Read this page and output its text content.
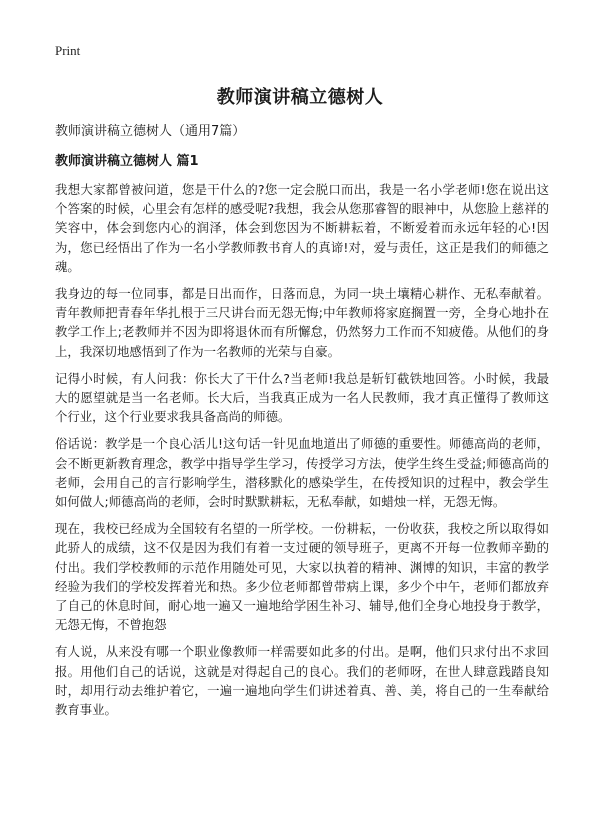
Print
教师演讲稿立德树人
教师演讲稿立德树人（通用7篇）
教师演讲稿立德树人 篇1

我想大家都曾被问道，您是干什么的?您一定会脱口而出，我是一名小学老师!您在说出这个答案的时候，心里会有怎样的感受呢?我想，我会从您那睿智的眼神中，从您脸上慈祥的笑容中，体会到您内心的润泽，体会到您因为不断耕耘着，不断爱着而永远年轻的心!因为，您已经悟出了作为一名小学教师教书育人的真谛!对，爱与责任，这正是我们的师德之魂。

我身边的每一位同事，都是日出而作，日落而息，为同一块土壤精心耕作、无私奉献着。青年教师把青春年华扎根于三尺讲台而无怨无悔;中年教师将家庭搁置一旁，全身心地扑在教学工作上;老教师并不因为即将退休而有所懈怠，仍然努力工作而不知疲倦。从他们的身上，我深切地感悟到了作为一名教师的光荣与自豪。

记得小时候，有人问我：你长大了干什么?当老师!我总是斩钉截铁地回答。小时候，我最大的愿望就是当一名老师。长大后，当我真正成为一名人民教师，我才真正懂得了教师这个行业，这个行业要求我具备高尚的师德。

俗话说：教学是一个良心活儿!这句话一针见血地道出了师德的重要性。师德高尚的老师，会不断更新教育理念，教学中指导学生学习，传授学习方法，使学生终生受益;师德高尚的老师，会用自己的言行影响学生，潜移默化的感染学生，在传授知识的过程中，教会学生如何做人;师德高尚的老师，会时时默默耕耘，无私奉献，如蜡烛一样，无怨无悔。

现在，我校已经成为全国较有名望的一所学校。一份耕耘，一份收获，我校之所以取得如此骄人的成绩，这不仅是因为我们有着一支过硬的领导班子，更离不开每一位教师辛勤的付出。我们学校教师的示范作用随处可见，大家以执着的精神、渊博的知识，丰富的教学经验为我们的学校发挥着光和热。多少位老师都曾带病上课，多少个中午，老师们都放弃了自己的休息时间，耐心地一遍又一遍地给学困生补习、辅导,他们全身心地投身于教学，无怨无悔，不曾抱怨

有人说，从来没有哪一个职业像教师一样需要如此多的付出。是啊，他们只求付出不求回报。用他们自己的话说，这就是对得起自己的良心。我们的老师呀，在世人肆意践踏良知时，却用行动去维护着它，一遍一遍地向学生们讲述着真、善、美，将自己的一生奉献给教育事业。
